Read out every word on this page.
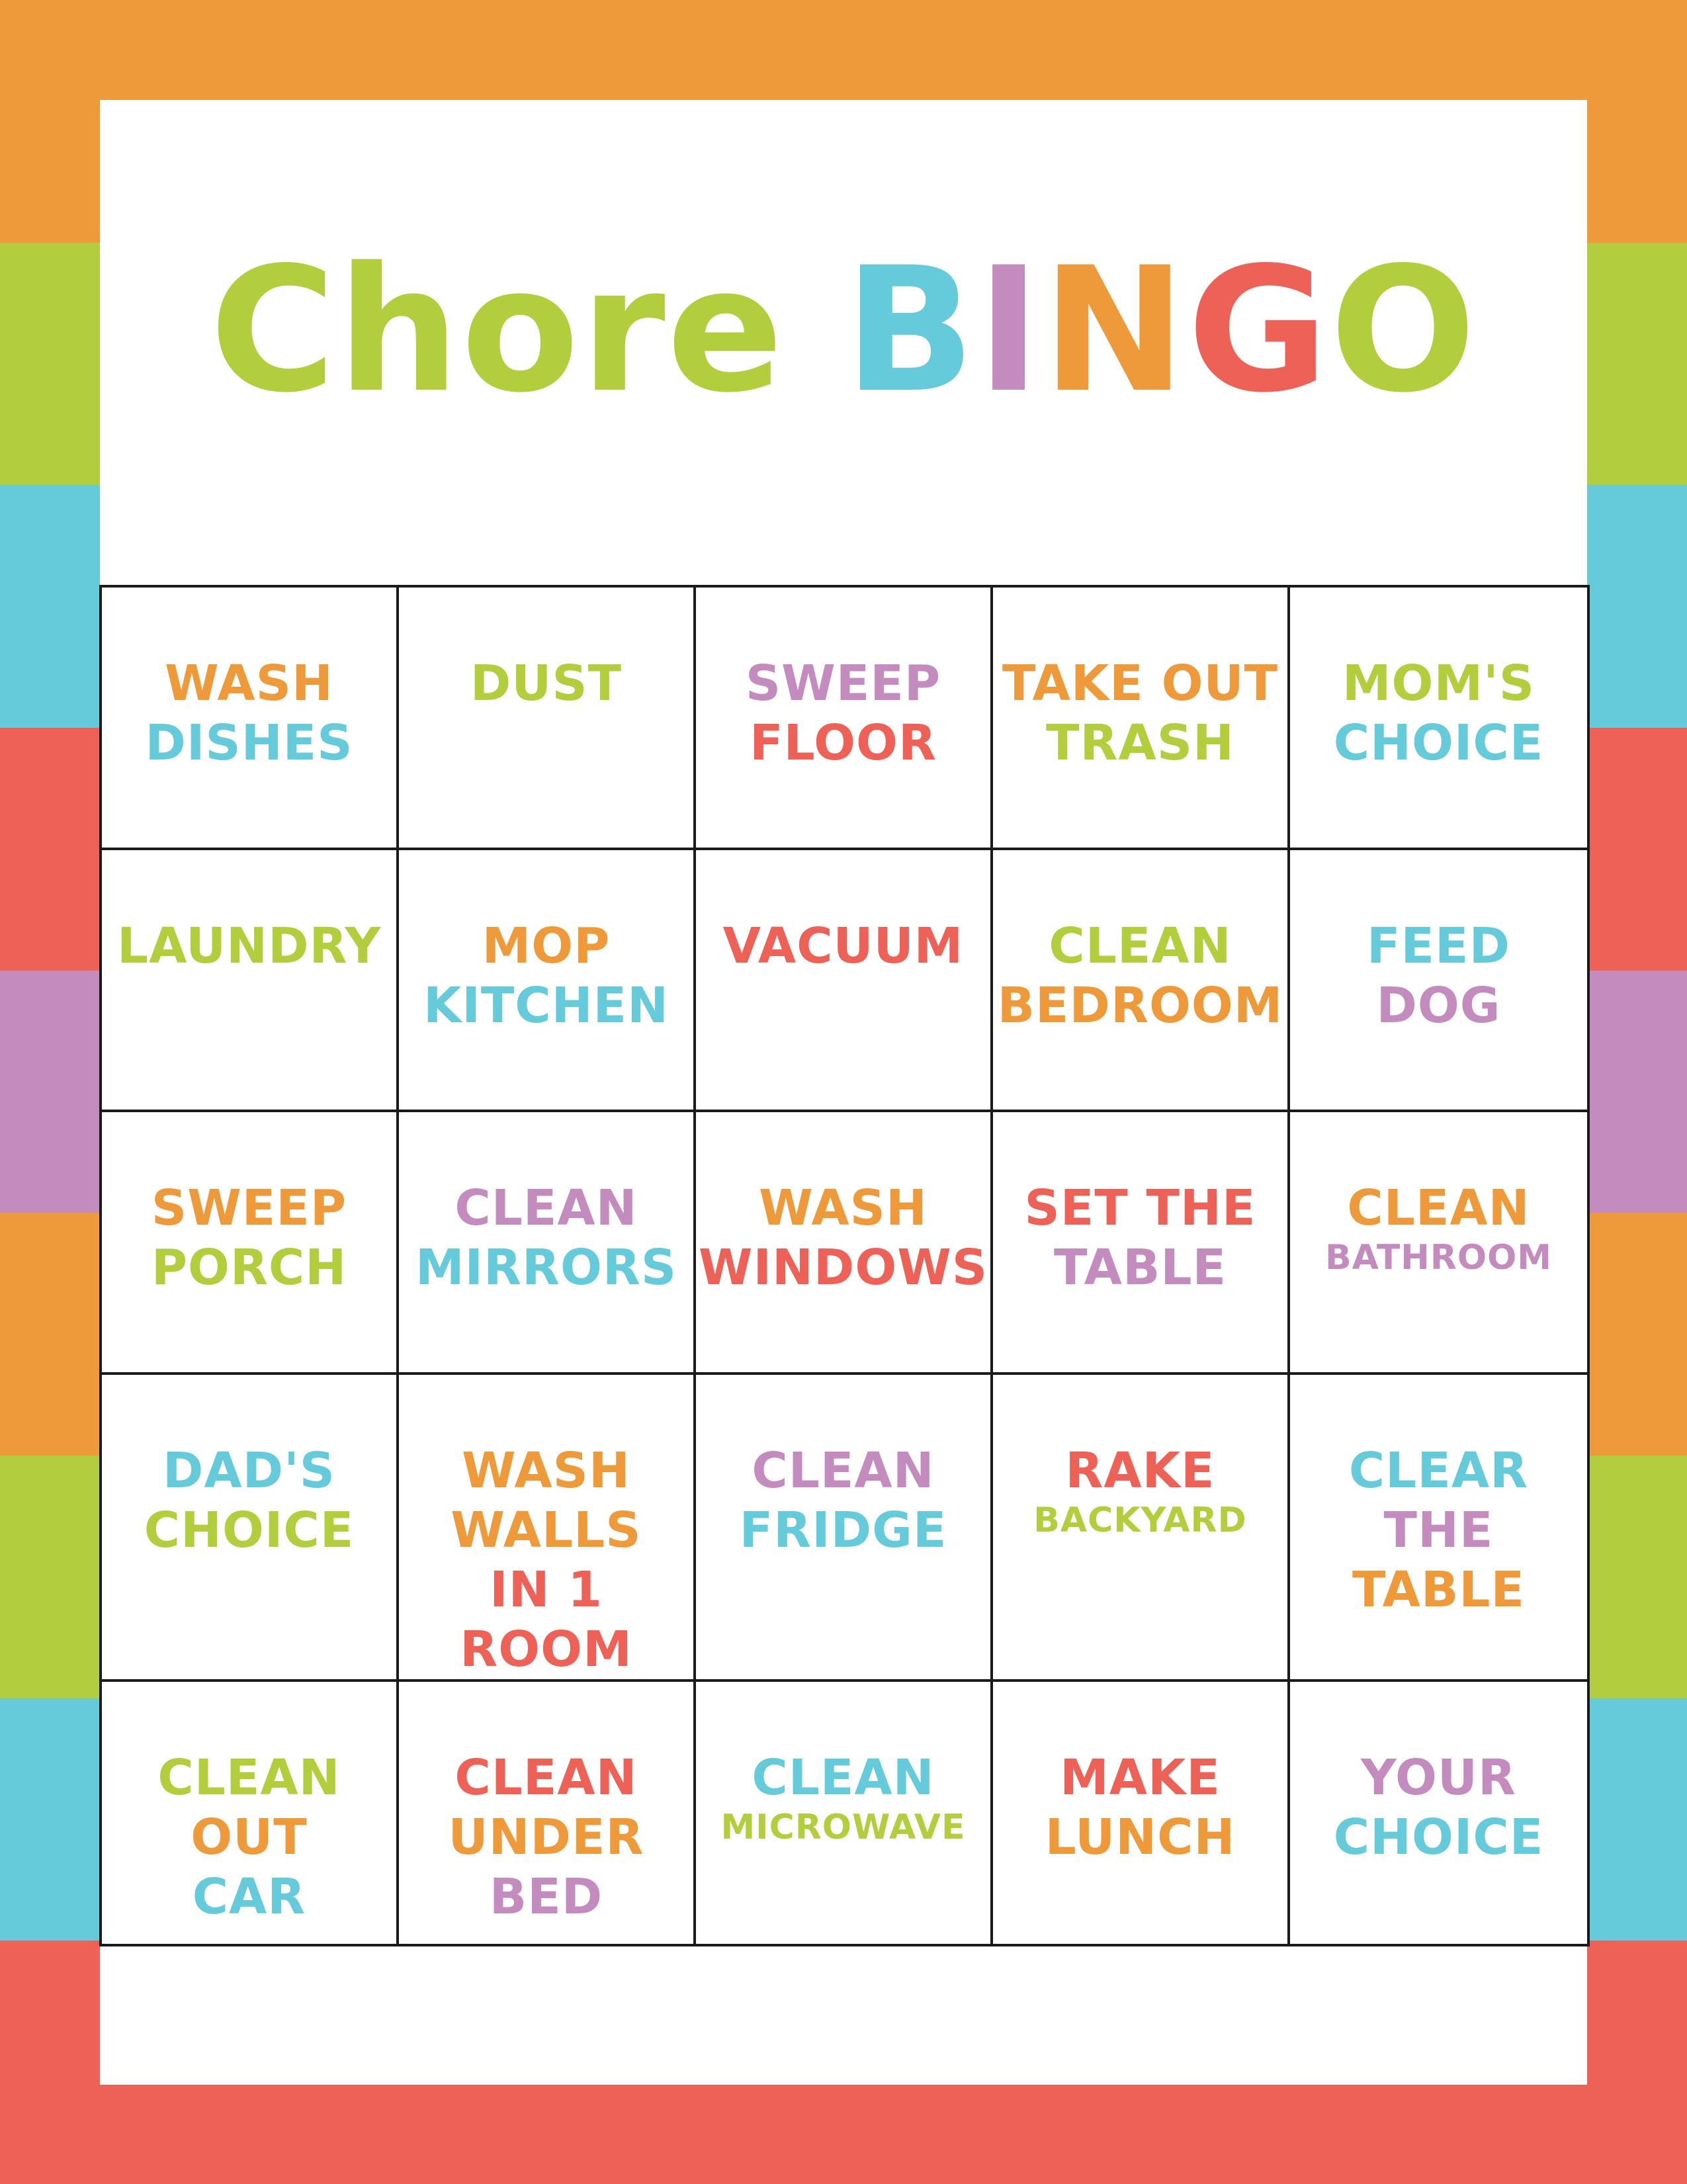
Chore BINGO
WASH
DISHES
DUST	SWEEP
FLOOR
TAKE OUT
TRASH
MOM'S
CHOICE
LAUNDRY MOP
KITCHEN
VACUUM CLEAN
BEDROOM
FEED
DOG
SWEEP
PORCH
CLEAN
MIRRORS
WASH
WINDOWS
SET THE
TABLE
CLEAN
BATHROOM
DAD'S
CHOICE
WASH
WALLS
IN 1
ROOM
CLEAN
FRIDGE
RAKE
BACKYARD
CLEAR
THE
TABLE
CLEAN
OUT
CAR
CLEAN
UNDER
BED
CLEAN
MICROWAVE
MAKE
LUNCH
YOUR
CHOICE
